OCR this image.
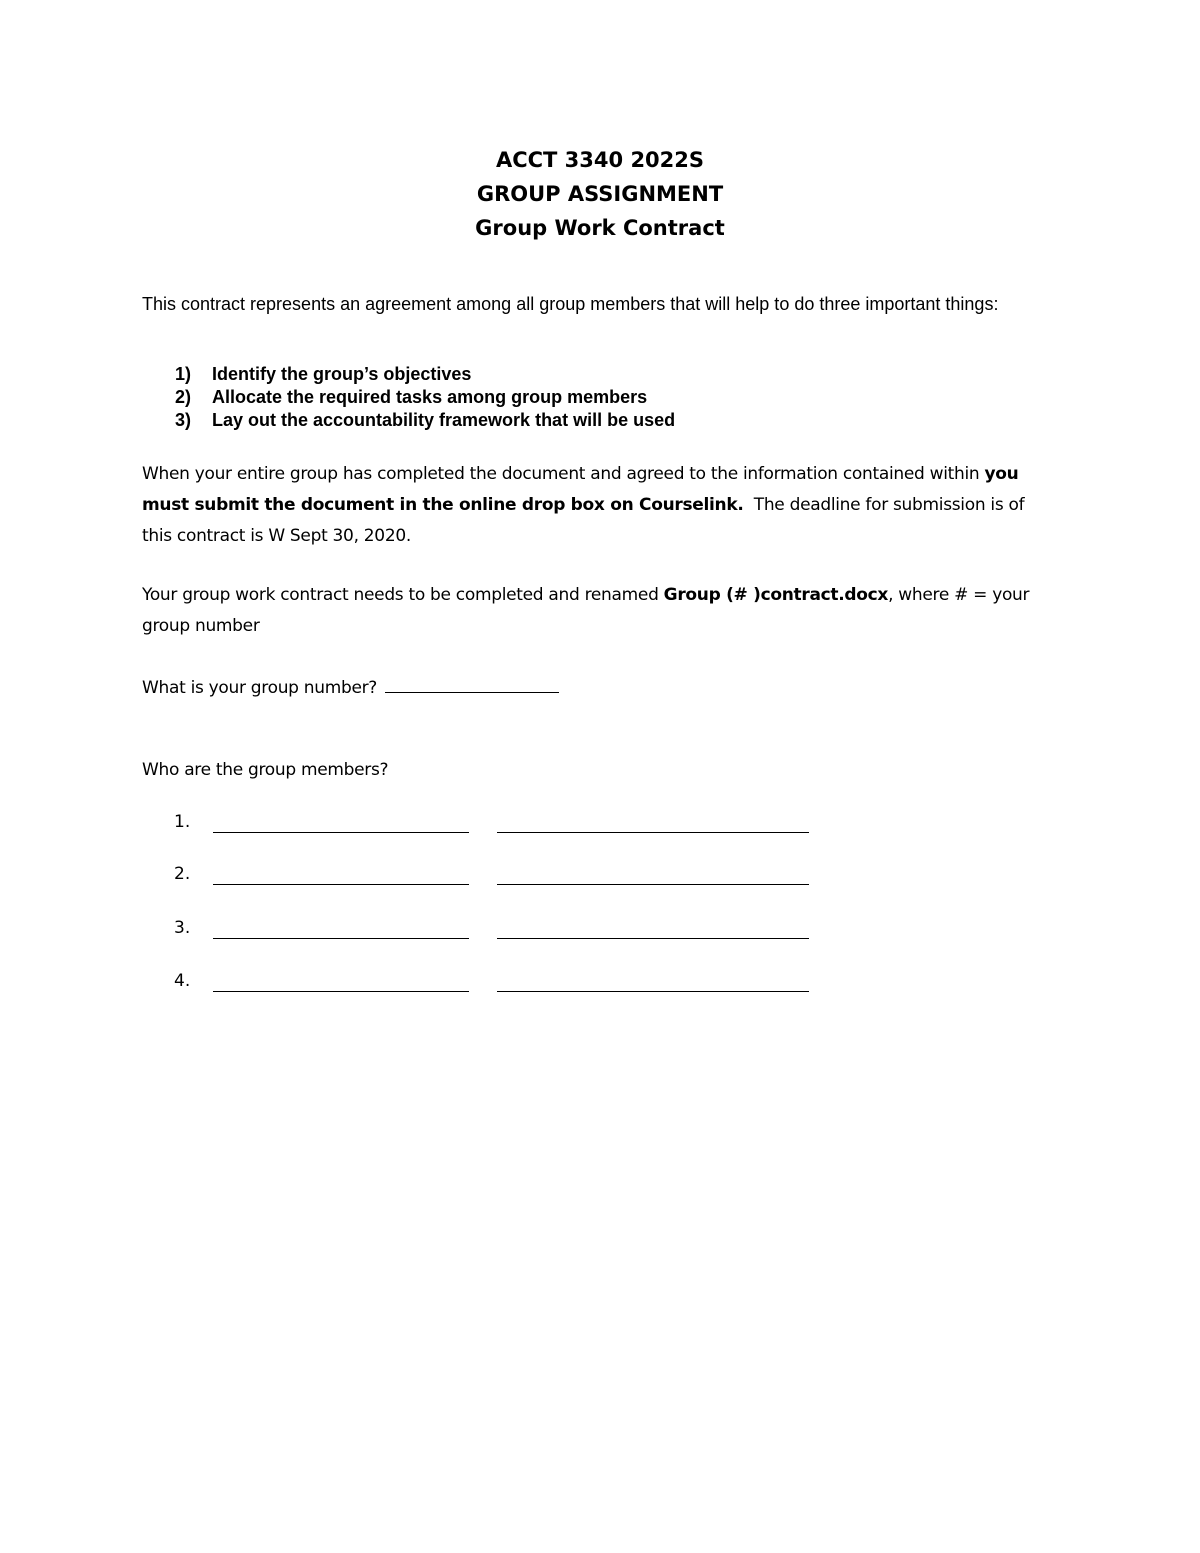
ACCT 3340 2022S
GROUP ASSIGNMENT
Group Work Contract
This contract represents an agreement among all group members that will help to do three important things:
1)	Identify the group’s objectives
2)	Allocate the required tasks among group members
3)	Lay out the accountability framework that will be used
When your entire group has completed the document and agreed to the information contained within you must submit the document in the online drop box on Courselink. The deadline for submission is of this contract is W Sept 30, 2020.
Your group work contract needs to be completed and renamed Group (# )contract.docx, where # = your group number
What is your group number?
Who are the group members?
1.
2.
3.
4.
